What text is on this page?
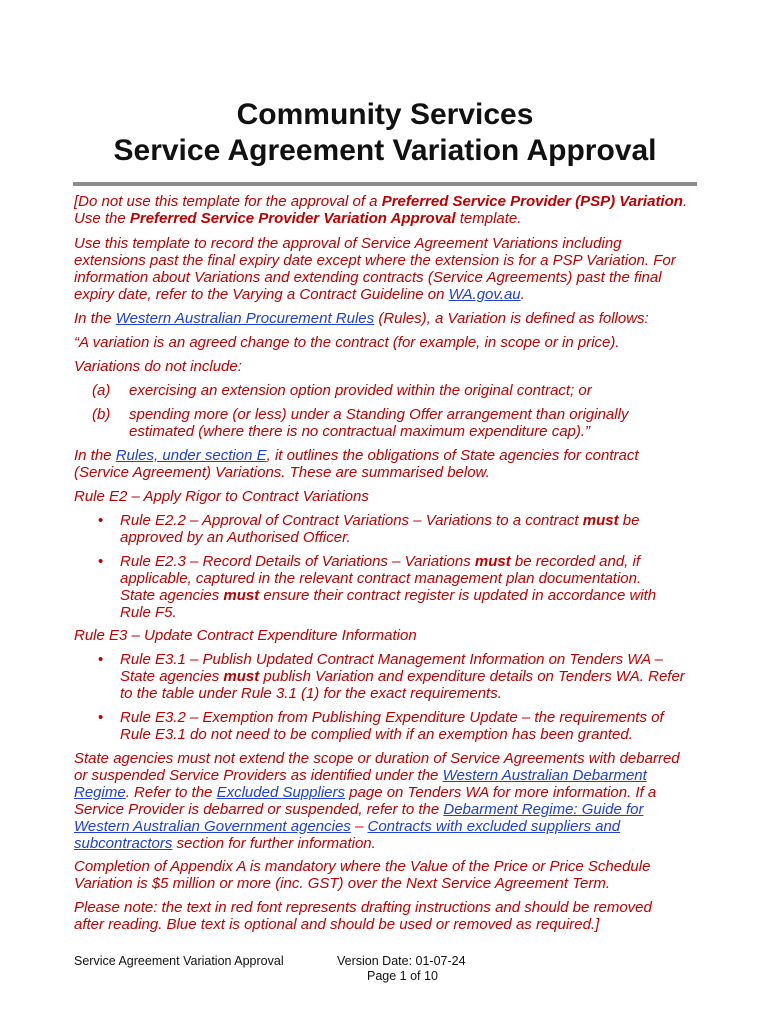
Community Services
Service Agreement Variation Approval

[Do not use this template for the approval of a Preferred Service Provider (PSP) Variation. Use the Preferred Service Provider Variation Approval template.

Use this template to record the approval of Service Agreement Variations including extensions past the final expiry date except where the extension is for a PSP Variation. For information about Variations and extending contracts (Service Agreements) past the final expiry date, refer to the Varying a Contract Guideline on WA.gov.au.

In the Western Australian Procurement Rules (Rules), a Variation is defined as follows:

“A variation is an agreed change to the contract (for example, in scope or in price).

Variations do not include:

(a) exercising an extension option provided within the original contract; or

(b) spending more (or less) under a Standing Offer arrangement than originally estimated (where there is no contractual maximum expenditure cap).”

In the Rules, under section E, it outlines the obligations of State agencies for contract (Service Agreement) Variations. These are summarised below.

Rule E2 – Apply Rigor to Contract Variations

• Rule E2.2 – Approval of Contract Variations – Variations to a contract must be approved by an Authorised Officer.

• Rule E2.3 – Record Details of Variations – Variations must be recorded and, if applicable, captured in the relevant contract management plan documentation. State agencies must ensure their contract register is updated in accordance with Rule F5.

Rule E3 – Update Contract Expenditure Information

• Rule E3.1 – Publish Updated Contract Management Information on Tenders WA – State agencies must publish Variation and expenditure details on Tenders WA. Refer to the table under Rule 3.1 (1) for the exact requirements.

• Rule E3.2 – Exemption from Publishing Expenditure Update – the requirements of Rule E3.1 do not need to be complied with if an exemption has been granted.

State agencies must not extend the scope or duration of Service Agreements with debarred or suspended Service Providers as identified under the Western Australian Debarment Regime. Refer to the Excluded Suppliers page on Tenders WA for more information. If a Service Provider is debarred or suspended, refer to the Debarment Regime: Guide for Western Australian Government agencies – Contracts with excluded suppliers and subcontractors section for further information.

Completion of Appendix A is mandatory where the Value of the Price or Price Schedule Variation is $5 million or more (inc. GST) over the Next Service Agreement Term.

Please note: the text in red font represents drafting instructions and should be removed after reading. Blue text is optional and should be used or removed as required.]

Service Agreement Variation Approval	Version Date: 01-07-24
Page 1 of 10
